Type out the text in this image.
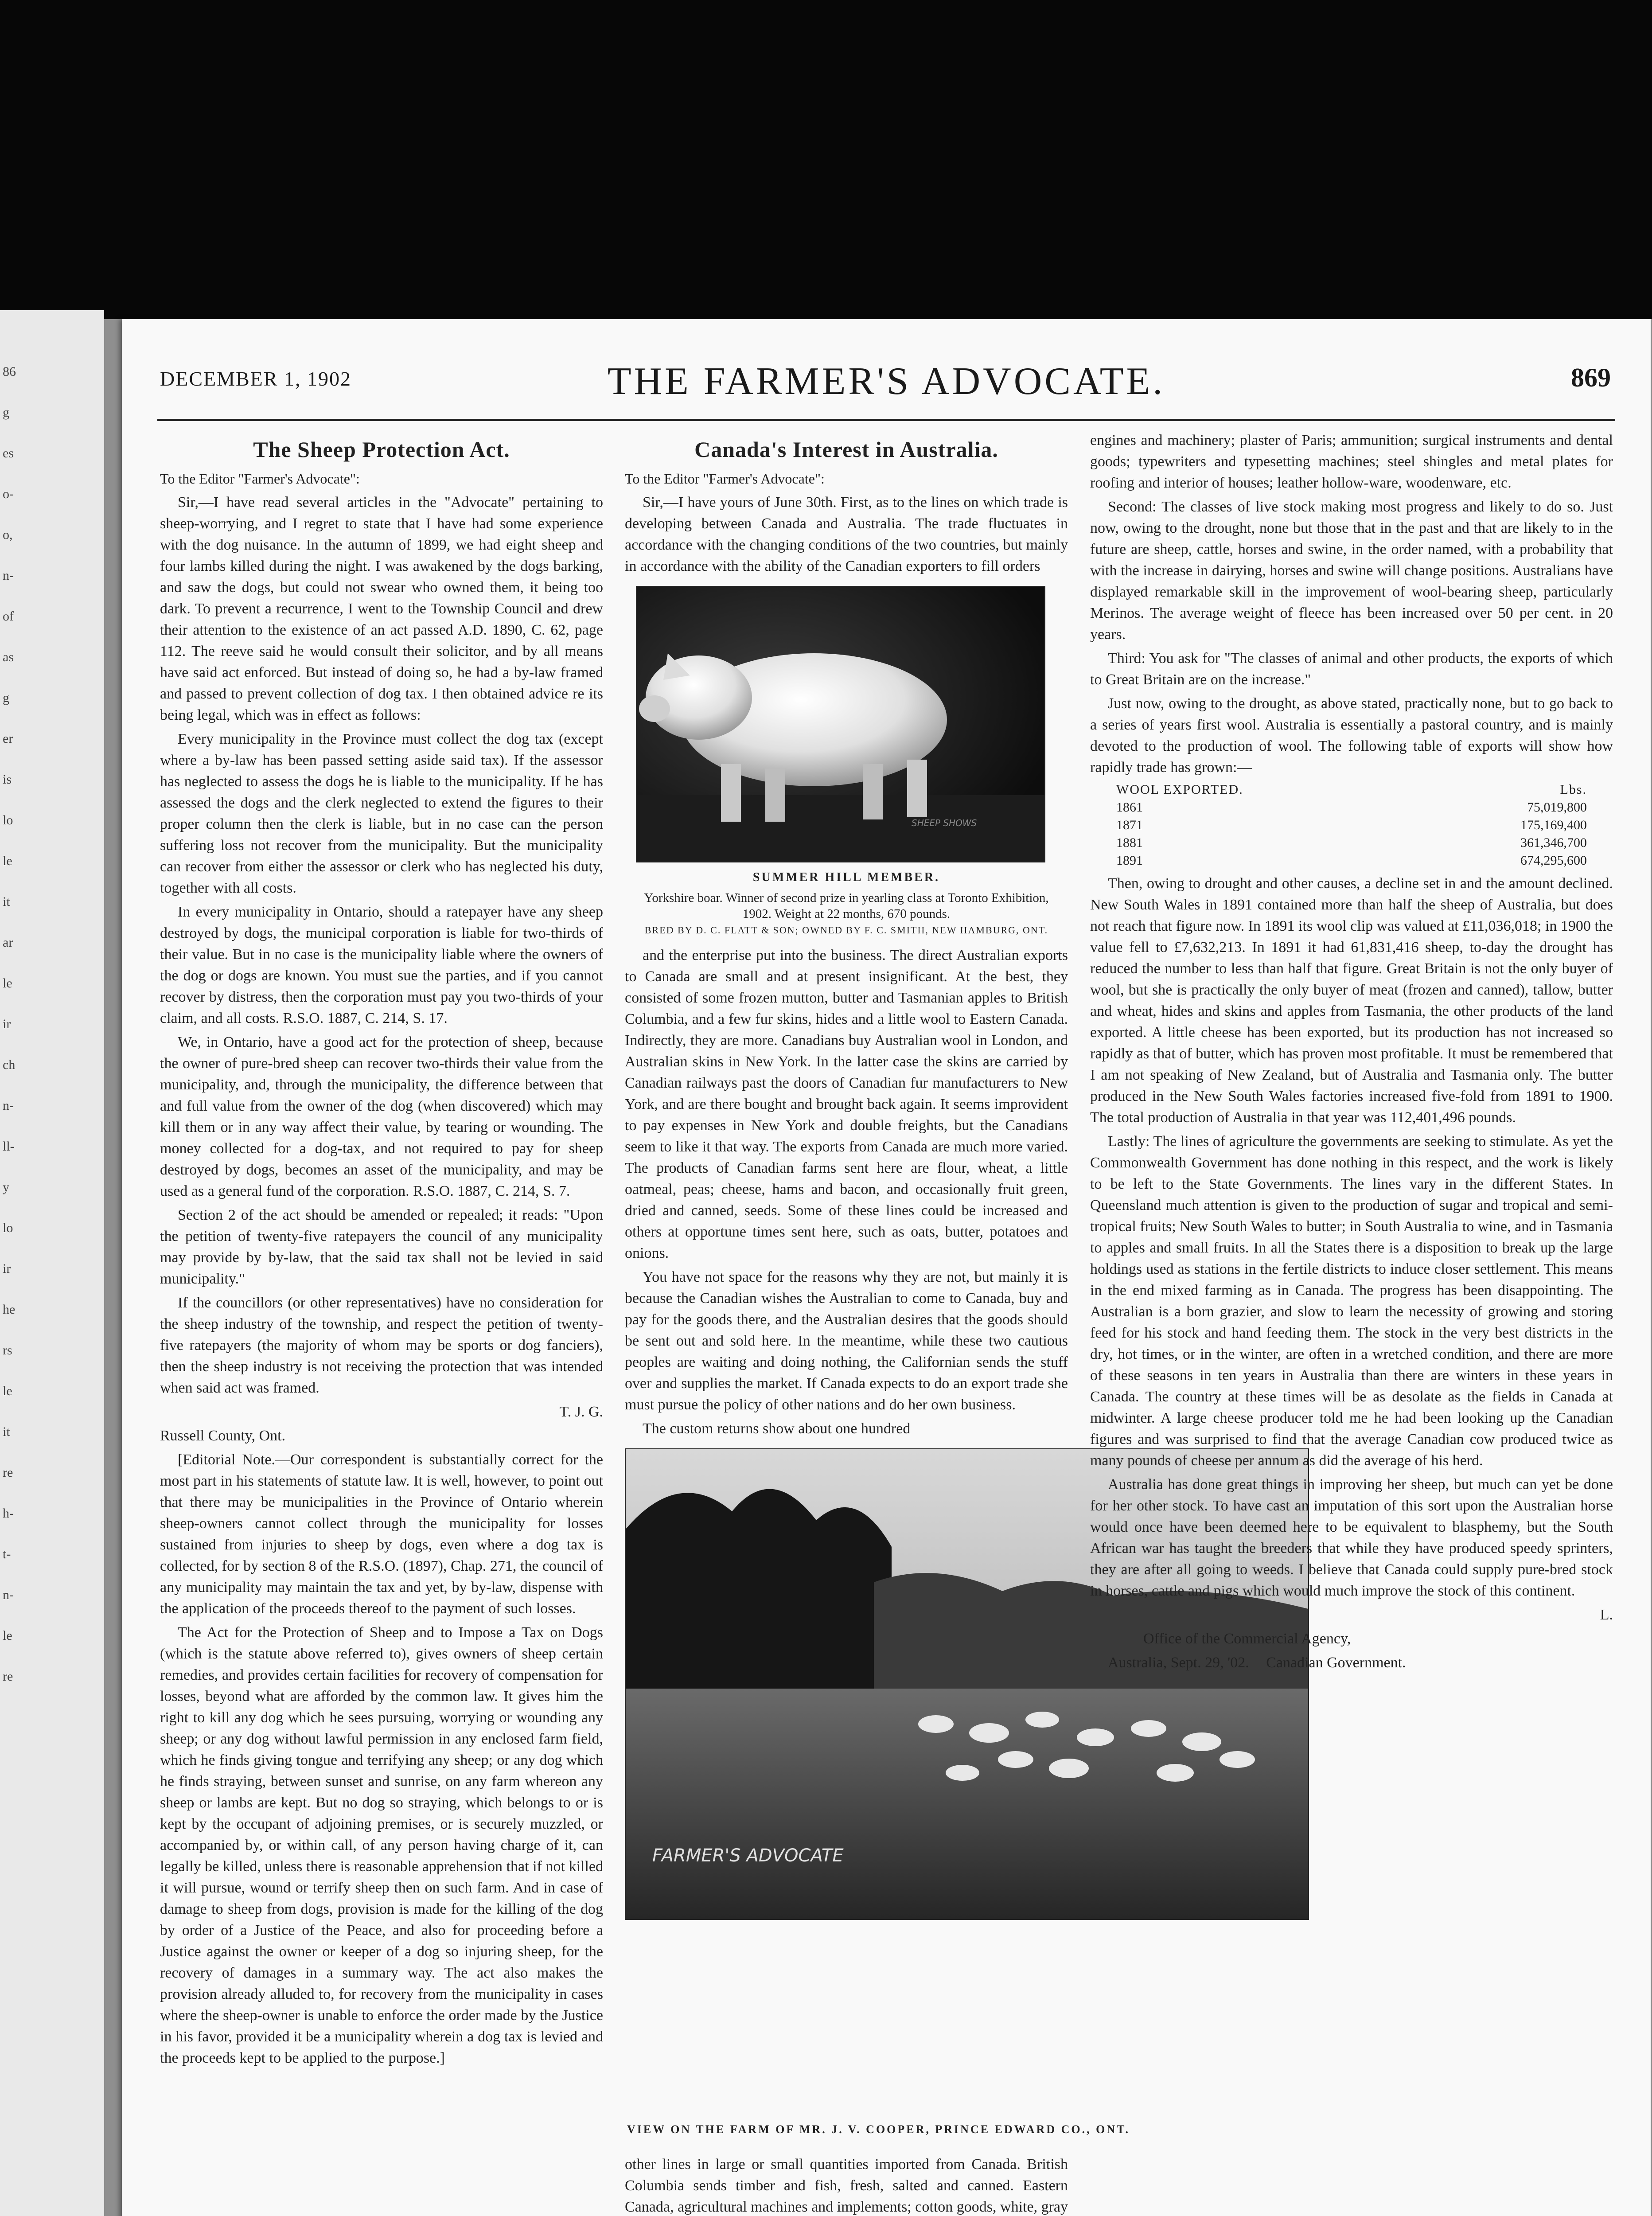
86
g
es
o-
o,
n-
of
as
g
er
is
lo
le
it
ar
le
ir
ch
n-
ll-
y
lo
ir
he
rs
le
it
re
h-
t-
n-
le
re
DECEMBER 1, 1902	THE FARMER'S ADVOCATE.	869
The Sheep Protection Act.

To the Editor "Farmer's Advocate":

Sir,—I have read several articles in the "Advocate" pertaining to sheep-worrying, and I regret to state that I have had some experience with the dog nuisance. In the autumn of 1899, we had eight sheep and four lambs killed during the night. I was awakened by the dogs barking, and saw the dogs, but could not swear who owned them, it being too dark. To prevent a recurrence, I went to the Township Council and drew their attention to the existence of an act passed A.D. 1890, C. 62, page 112. The reeve said he would consult their solicitor, and by all means have said act enforced. But instead of doing so, he had a by-law framed and passed to prevent collection of dog tax. I then obtained advice re its being legal, which was in effect as follows:

Every municipality in the Province must collect the dog tax (except where a by-law has been passed setting aside said tax). If the assessor has neglected to assess the dogs he is liable to the municipality. If he has assessed the dogs and the clerk neglected to extend the figures to their proper column then the clerk is liable, but in no case can the person suffering loss not recover from the municipality. But the municipality can recover from either the assessor or clerk who has neglected his duty, together with all costs.

In every municipality in Ontario, should a ratepayer have any sheep destroyed by dogs, the municipal corporation is liable for two-thirds of their value. But in no case is the municipality liable where the owners of the dog or dogs are known. You must sue the parties, and if you cannot recover by distress, then the corporation must pay you two-thirds of your claim, and all costs. R.S.O. 1887, C. 214, S. 17.

We, in Ontario, have a good act for the protection of sheep, because the owner of pure-bred sheep can recover two-thirds their value from the municipality, and, through the municipality, the difference between that and full value from the owner of the dog (when discovered) which may kill them or in any way affect their value, by tearing or wounding. The money collected for a dog-tax, and not required to pay for sheep destroyed by dogs, becomes an asset of the municipality, and may be used as a general fund of the corporation. R.S.O. 1887, C. 214, S. 7.

Section 2 of the act should be amended or repealed; it reads: "Upon the petition of twenty-five ratepayers the council of any municipality may provide by by-law, that the said tax shall not be levied in said municipality."

If the councillors (or other representatives) have no consideration for the sheep industry of the township, and respect the petition of twenty-five ratepayers (the majority of whom may be sports or dog fanciers), then the sheep industry is not receiving the protection that was intended when said act was framed.

T. J. G.

Russell County, Ont.

[Editorial Note.—Our correspondent is substantially correct for the most part in his statements of statute law. It is well, however, to point out that there may be municipalities in the Province of Ontario wherein sheep-owners cannot collect through the municipality for losses sustained from injuries to sheep by dogs, even where a dog tax is collected, for by section 8 of the R.S.O. (1897), Chap. 271, the council of any municipality may maintain the tax and yet, by by-law, dispense with the application of the proceeds thereof to the payment of such losses.

The Act for the Protection of Sheep and to Impose a Tax on Dogs (which is the statute above referred to), gives owners of sheep certain remedies, and provides certain facilities for recovery of compensation for losses, beyond what are afforded by the common law. It gives him the right to kill any dog which he sees pursuing, worrying or wounding any sheep; or any dog without lawful permission in any enclosed farm field, which he finds giving tongue and terrifying any sheep; or any dog which he finds straying, between sunset and sunrise, on any farm whereon any sheep or lambs are kept. But no dog so straying, which belongs to or is kept by the occupant of adjoining premises, or is securely muzzled, or accompanied by, or within call, of any person having charge of it, can legally be killed, unless there is reasonable apprehension that if not killed it will pursue, wound or terrify sheep then on such farm. And in case of damage to sheep from dogs, provision is made for the killing of the dog by order of a Justice of the Peace, and also for proceeding before a Justice against the owner or keeper of a dog so injuring sheep, for the recovery of damages in a summary way. The act also makes the provision already alluded to, for recovery from the municipality in cases where the sheep-owner is unable to enforce the order made by the Justice in his favor, provided it be a municipality wherein a dog tax is levied and the proceeds kept to be applied to the purpose.]

Canada's Interest in Australia.

To the Editor "Farmer's Advocate":

Sir,—I have yours of June 30th. First, as to the lines on which trade is developing between Canada and Australia. The trade fluctuates in accordance with the changing conditions of the two countries, but mainly in accordance with the ability of the Canadian exporters to fill orders

SHEEP SHOWS
SUMMER HILL MEMBER.
Yorkshire boar. Winner of second prize in yearling class at Toronto Exhibition, 1902. Weight at 22 months, 670 pounds.
BRED BY D. C. FLATT & SON; OWNED BY F. C. SMITH, NEW HAMBURG, ONT.

and the enterprise put into the business. The direct Australian exports to Canada are small and at present insignificant. At the best, they consisted of some frozen mutton, butter and Tasmanian apples to British Columbia, and a few fur skins, hides and a little wool to Eastern Canada. Indirectly, they are more. Canadians buy Australian wool in London, and Australian skins in New York. In the latter case the skins are carried by Canadian railways past the doors of Canadian fur manufacturers to New York, and are there bought and brought back again. It seems improvident to pay expenses in New York and double freights, but the Canadians seem to like it that way. The exports from Canada are much more varied. The products of Canadian farms sent here are flour, wheat, a little oatmeal, peas; cheese, hams and bacon, and occasionally fruit green, dried and canned, seeds. Some of these lines could be increased and others at opportune times sent here, such as oats, butter, potatoes and onions.

You have not space for the reasons why they are not, but mainly it is because the Canadian wishes the Australian to come to Canada, buy and pay for the goods there, and the Australian desires that the goods should be sent out and sold here. In the meantime, while these two cautious peoples are waiting and doing nothing, the Californian sends the stuff over and supplies the market. If Canada expects to do an export trade she must pursue the policy of other nations and do her own business.

The custom returns show about one hundred

FARMER'S ADVOCATE
VIEW ON THE FARM OF MR. J. V. COOPER, PRINCE EDWARD CO., ONT.

other lines in large or small quantities imported from Canada. British Columbia sends timber and fish, fresh, salted and canned. Eastern Canada, agricultural machines and implements; cotton goods, white, gray

engines and machinery; plaster of Paris; ammunition; surgical instruments and dental goods; typewriters and typesetting machines; steel shingles and metal plates for roofing and interior of houses; leather hollow-ware, woodenware, etc.

Second: The classes of live stock making most progress and likely to do so. Just now, owing to the drought, none but those that in the past and that are likely to in the future are sheep, cattle, horses and swine, in the order named, with a probability that with the increase in dairying, horses and swine will change positions. Australians have displayed remarkable skill in the improvement of wool-bearing sheep, particularly Merinos. The average weight of fleece has been increased over 50 per cent. in 20 years.

Third: You ask for "The classes of animal and other products, the exports of which to Great Britain are on the increase."

Just now, owing to the drought, as above stated, practically none, but to go back to a series of years first wool. Australia is essentially a pastoral country, and is mainly devoted to the production of wool. The following table of exports will show how rapidly trade has grown:—

WOOL EXPORTED.	Lbs.
1861	75,019,800
1871	175,169,400
1881	361,346,700
1891	674,295,600

Then, owing to drought and other causes, a decline set in and the amount declined. New South Wales in 1891 contained more than half the sheep of Australia, but does not reach that figure now. In 1891 its wool clip was valued at £11,036,018; in 1900 the value fell to £7,632,213. In 1891 it had 61,831,416 sheep, to-day the drought has reduced the number to less than half that figure. Great Britain is not the only buyer of wool, but she is practically the only buyer of meat (frozen and canned), tallow, butter and wheat, hides and skins and apples from Tasmania, the other products of the land exported. A little cheese has been exported, but its production has not increased so rapidly as that of butter, which has proven most profitable. It must be remembered that I am not speaking of New Zealand, but of Australia and Tasmania only. The butter produced in the New South Wales factories increased five-fold from 1891 to 1900. The total production of Australia in that year was 112,401,496 pounds.

Lastly: The lines of agriculture the governments are seeking to stimulate. As yet the Commonwealth Government has done nothing in this respect, and the work is likely to be left to the State Governments. The lines vary in the different States. In Queensland much attention is given to the production of sugar and tropical and semi-tropical fruits; New South Wales to butter; in South Australia to wine, and in Tasmania to apples and small fruits. In all the States there is a disposition to break up the large holdings used as stations in the fertile districts to induce closer settlement. This means in the end mixed farming as in Canada. The progress has been disappointing. The Australian is a born grazier, and slow to learn the necessity of growing and storing feed for his stock and hand feeding them. The stock in the very best districts in the dry, hot times, or in the winter, are often in a wretched condition, and there are more of these seasons in ten years in Australia than there are winters in these years in Canada. The country at these times will be as desolate as the fields in Canada at midwinter. A large cheese producer told me he had been looking up the Canadian figures and was surprised to find that the average Canadian cow produced twice as many pounds of cheese per annum as did the average of his herd.

Australia has done great things in improving her sheep, but much can yet be done for her other stock. To have cast an imputation of this sort upon the Australian horse would once have been deemed here to be equivalent to blasphemy, but the South African war has taught the breeders that while they have produced speedy sprinters, they are after all going to weeds. I believe that Canada could supply pure-bred stock in horses, cattle and pigs which would much improve the stock of this continent.

L.

Office of the Commercial Agency,

Australia, Sept. 29, '02. Canadian Government.
